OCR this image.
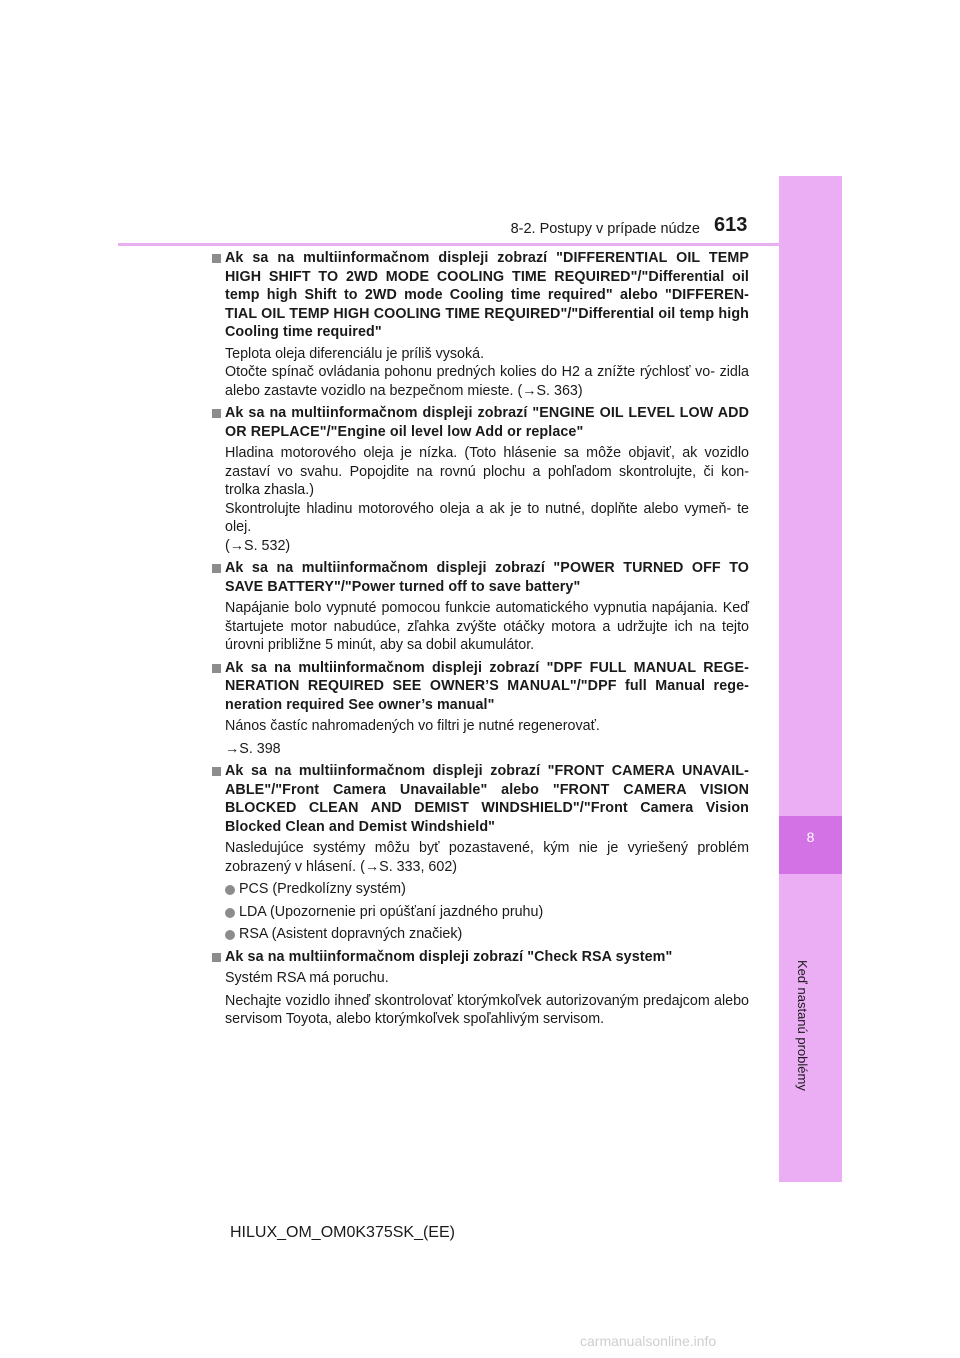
8
Keď nastanú problémy
8-2. Postupy v prípade núdze 613
Ak sa na multiinformačnom displeji zobrazí "DIFFERENTIAL OIL TEMP HIGH SHIFT TO 2WD MODE COOLING TIME REQUIRED"/"Differential oil temp high Shift to 2WD mode Cooling time required" alebo "DIFFEREN- TIAL OIL TEMP HIGH COOLING TIME REQUIRED"/"Differential oil temp high Cooling time required"
Teplota oleja diferenciálu je príliš vysoká.
Otočte spínač ovládania pohonu predných kolies do H2 a znížte rýchlosť vo- zidla alebo zastavte vozidlo na bezpečnom mieste. (→S. 363)
Ak sa na multiinformačnom displeji zobrazí "ENGINE OIL LEVEL LOW ADD OR REPLACE"/"Engine oil level low Add or replace"
Hladina motorového oleja je nízka. (Toto hlásenie sa môže objaviť, ak vozidlo zastaví vo svahu. Popojdite na rovnú plochu a pohľadom skontrolujte, či kon- trolka zhasla.)
Skontrolujte hladinu motorového oleja a ak je to nutné, doplňte alebo vymeň- te olej.
(→S. 532)
Ak sa na multiinformačnom displeji zobrazí "POWER TURNED OFF TO SAVE BATTERY"/"Power turned off to save battery"
Napájanie bolo vypnuté pomocou funkcie automatického vypnutia napájania. Keď štartujete motor nabudúce, zľahka zvýšte otáčky motora a udržujte ich na tejto úrovni približne 5 minút, aby sa dobil akumulátor.
Ak sa na multiinformačnom displeji zobrazí "DPF FULL MANUAL REGE- NERATION REQUIRED SEE OWNER’S MANUAL"/"DPF full Manual rege- neration required See owner’s manual"
Nános častíc nahromadených vo filtri je nutné regenerovať.
→S. 398
Ak sa na multiinformačnom displeji zobrazí "FRONT CAMERA UNAVAIL- ABLE"/"Front Camera Unavailable" alebo "FRONT CAMERA VISION BLOCKED CLEAN AND DEMIST WINDSHIELD"/"Front Camera Vision Blocked Clean and Demist Windshield"
Nasledujúce systémy môžu byť pozastavené, kým nie je vyriešený problém zobrazený v hlásení. (→S. 333, 602)
PCS (Predkolízny systém)
LDA (Upozornenie pri opúšťaní jazdného pruhu)
RSA (Asistent dopravných značiek)
Ak sa na multiinformačnom displeji zobrazí "Check RSA system"
Systém RSA má poruchu.
Nechajte vozidlo ihneď skontrolovať ktorýmkoľvek autorizovaným predajcom alebo servisom Toyota, alebo ktorýmkoľvek spoľahlivým servisom.
HILUX_OM_OM0K375SK_(EE)
carmanualsonline.info
